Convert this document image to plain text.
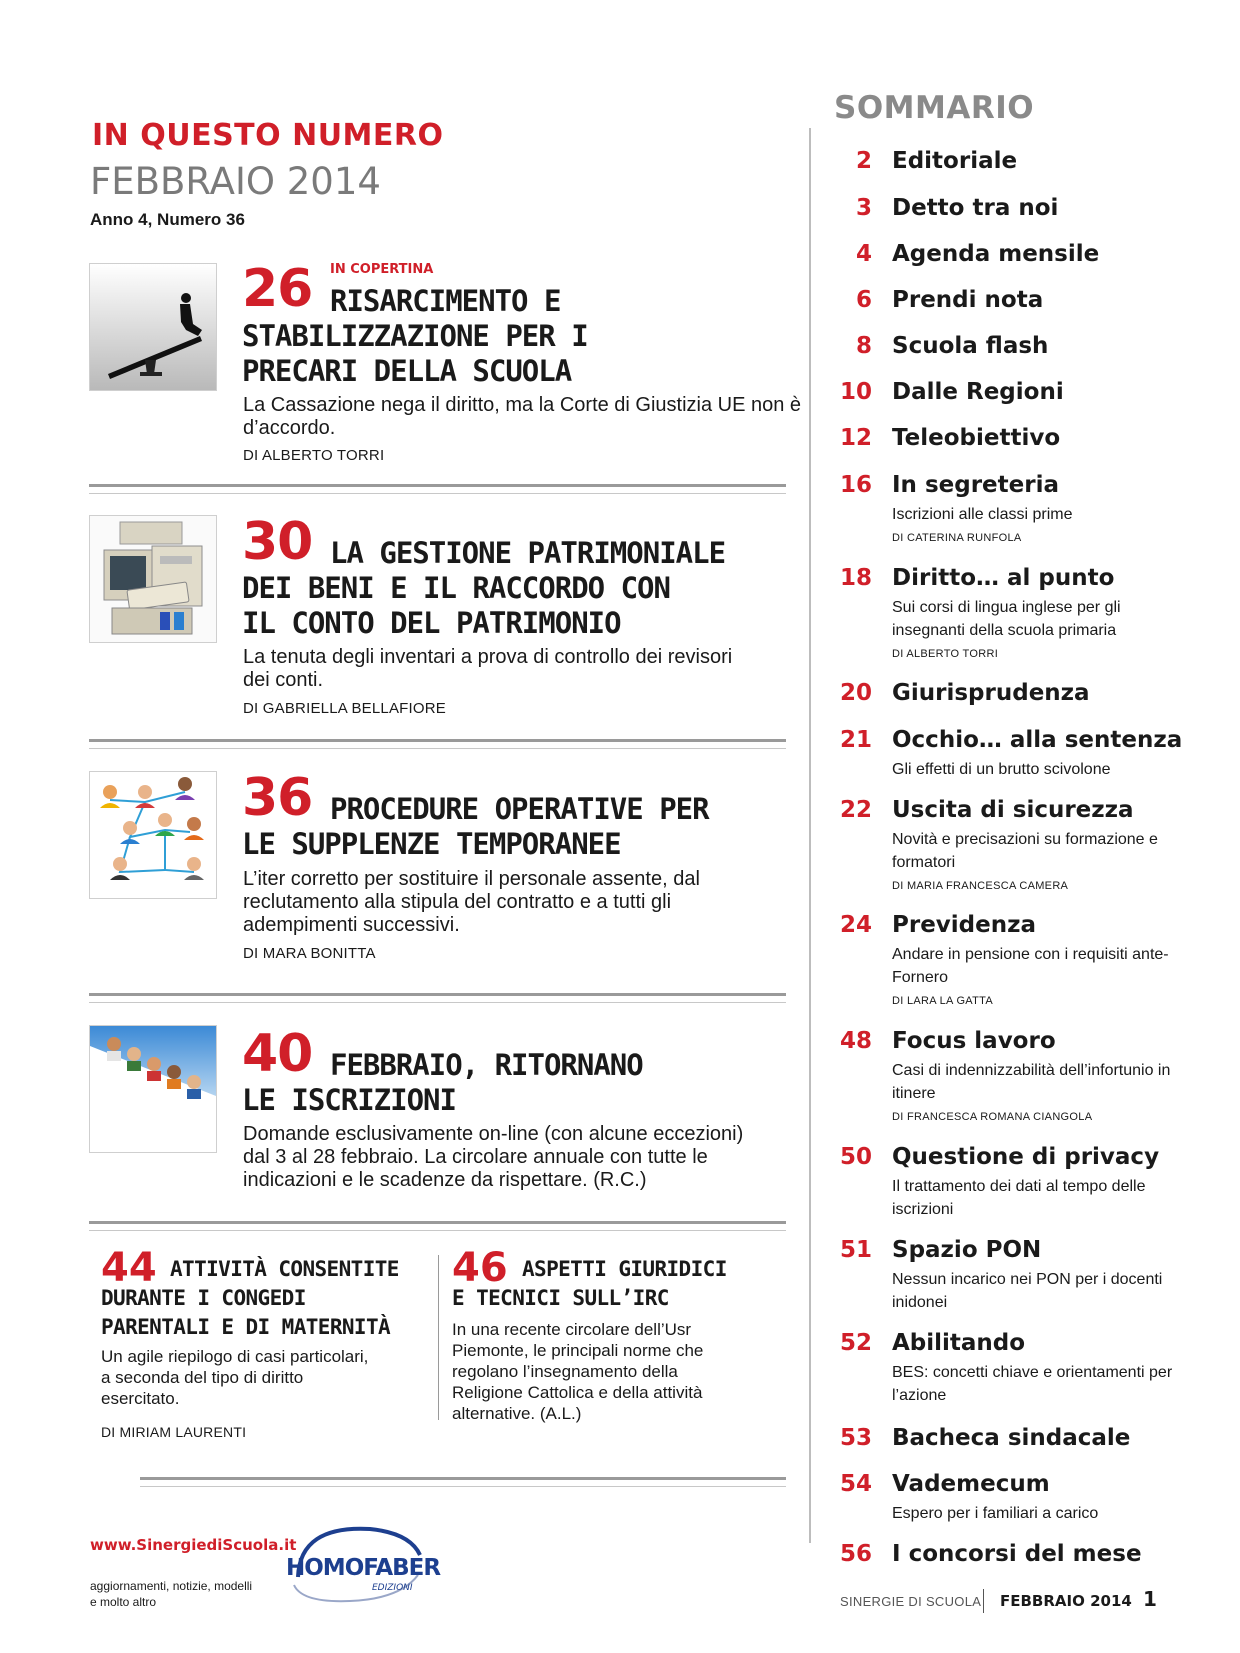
IN QUESTO NUMERO
FEBBRAIO 2014
Anno 4, Numero 36
IN COPERTINA
26 RISARCIMENTO E
STABILIZZAZIONE PER I
PRECARI DELLA SCUOLA
La Cassazione nega il diritto, ma la Corte di Giustizia UE non è
d’accordo.
DI ALBERTO TORRI
30 LA GESTIONE PATRIMONIALE
DEI BENI E IL RACCORDO CON
IL CONTO DEL PATRIMONIO
La tenuta degli inventari a prova di controllo dei revisori
dei conti.
DI GABRIELLA BELLAFIORE
36 PROCEDURE OPERATIVE PER
LE SUPPLENZE TEMPORANEE
L’iter corretto per sostituire il personale assente, dal
reclutamento alla stipula del contratto e a tutti gli
adempimenti successivi.
DI MARA BONITTA
40 FEBBRAIO, RITORNANO
LE ISCRIZIONI
Domande esclusivamente on-line (con alcune eccezioni)
dal 3 al 28 febbraio. La circolare annuale con tutte le
indicazioni e le scadenze da rispettare. (R.C.)
44 ATTIVITÀ CONSENTITE
DURANTE I CONGEDI
PARENTALI E DI MATERNITÀ
Un agile riepilogo di casi particolari,
a seconda del tipo di diritto
esercitato.
DI MIRIAM LAURENTI
46 ASPETTI GIURIDICI
E TECNICI SULL’IRC
In una recente circolare dell’Usr
Piemonte, le principali norme che
regolano l’insegnamento della
Religione Cattolica e della attività
alternative. (A.L.)
SOMMARIO
2 Editoriale
3 Detto tra noi
4 Agenda mensile
6 Prendi nota
8 Scuola flash
10 Dalle Regioni
12 Teleobiettivo
16 In segreteria
Iscrizioni alle classi prime
DI CATERINA RUNFOLA
18 Diritto… al punto
Sui corsi di lingua inglese per gli insegnanti della scuola primaria
DI ALBERTO TORRI
20 Giurisprudenza
21 Occhio… alla sentenza
Gli effetti di un brutto scivolone
22 Uscita di sicurezza
Novità e precisazioni su formazione e formatori
DI MARIA FRANCESCA CAMERA
24 Previdenza
Andare in pensione con i requisiti ante-Fornero
DI LARA LA GATTA
48 Focus lavoro
Casi di indennizzabilità dell’infortunio in itinere
DI FRANCESCA ROMANA CIANGOLA
50 Questione di privacy
Il trattamento dei dati al tempo delle iscrizioni
51 Spazio PON
Nessun incarico nei PON per i docenti inidonei
52 Abilitando
BES: concetti chiave e orientamenti per l’azione
53 Bacheca sindacale
54 Vademecum
Espero per i familiari a carico
56 I concorsi del mese
www.SinergiediScuola.it
aggiornamenti, notizie, modelli e molto altro
HOMOFABER
EDIZIONI
SINERGIE DI SCUOLA FEBBRAIO 2014 1
